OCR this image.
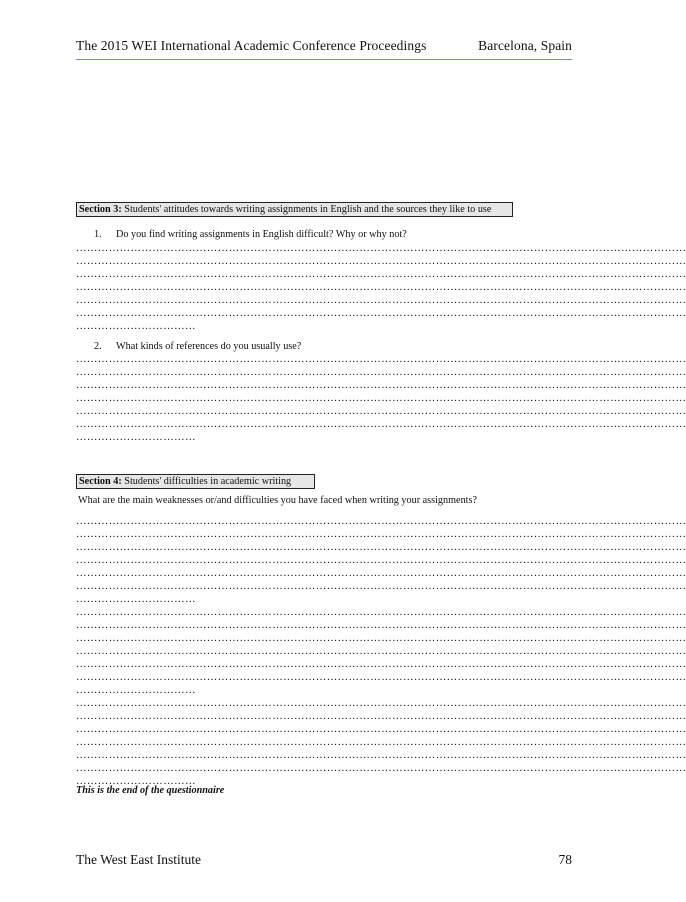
The 2015 WEI International Academic Conference Proceedings	Barcelona, Spain
Section 3: Students' attitudes towards writing assignments in English and the sources they like to use
1. Do you find writing assignments in English difficult? Why or why not?
……………………………………………………………………………………………………………………………………………………
……………………………………………………………………………………………………………………………………………………
……………………………………………………………………………………………………………………………………………………
……………………………………………………………………………………………………………………………………………………
……………………………………………………………………………………………………………………………………………………
……………………………………………………………………………………………………………………………………………………
……………………………
2. What kinds of references do you usually use?
……………………………………………………………………………………………………………………………………………………
……………………………………………………………………………………………………………………………………………………
……………………………………………………………………………………………………………………………………………………
……………………………………………………………………………………………………………………………………………………
……………………………………………………………………………………………………………………………………………………
……………………………………………………………………………………………………………………………………………………
……………………………
Section 4: Students' difficulties in academic writing
What are the main weaknesses or/and difficulties you have faced when writing your assignments?
……………………………………………………………………………………………………………………………………………………
……………………………………………………………………………………………………………………………………………………
……………………………………………………………………………………………………………………………………………………
……………………………………………………………………………………………………………………………………………………
……………………………………………………………………………………………………………………………………………………
……………………………………………………………………………………………………………………………………………………
……………………………
……………………………………………………………………………………………………………………………………………………
……………………………………………………………………………………………………………………………………………………
……………………………………………………………………………………………………………………………………………………
……………………………………………………………………………………………………………………………………………………
……………………………………………………………………………………………………………………………………………………
……………………………………………………………………………………………………………………………………………………
……………………………
……………………………………………………………………………………………………………………………………………………
……………………………………………………………………………………………………………………………………………………
……………………………………………………………………………………………………………………………………………………
……………………………………………………………………………………………………………………………………………………
……………………………………………………………………………………………………………………………………………………
……………………………………………………………………………………………………………………………………………………
……………………………
This is the end of the questionnaire
The West East Institute	78
